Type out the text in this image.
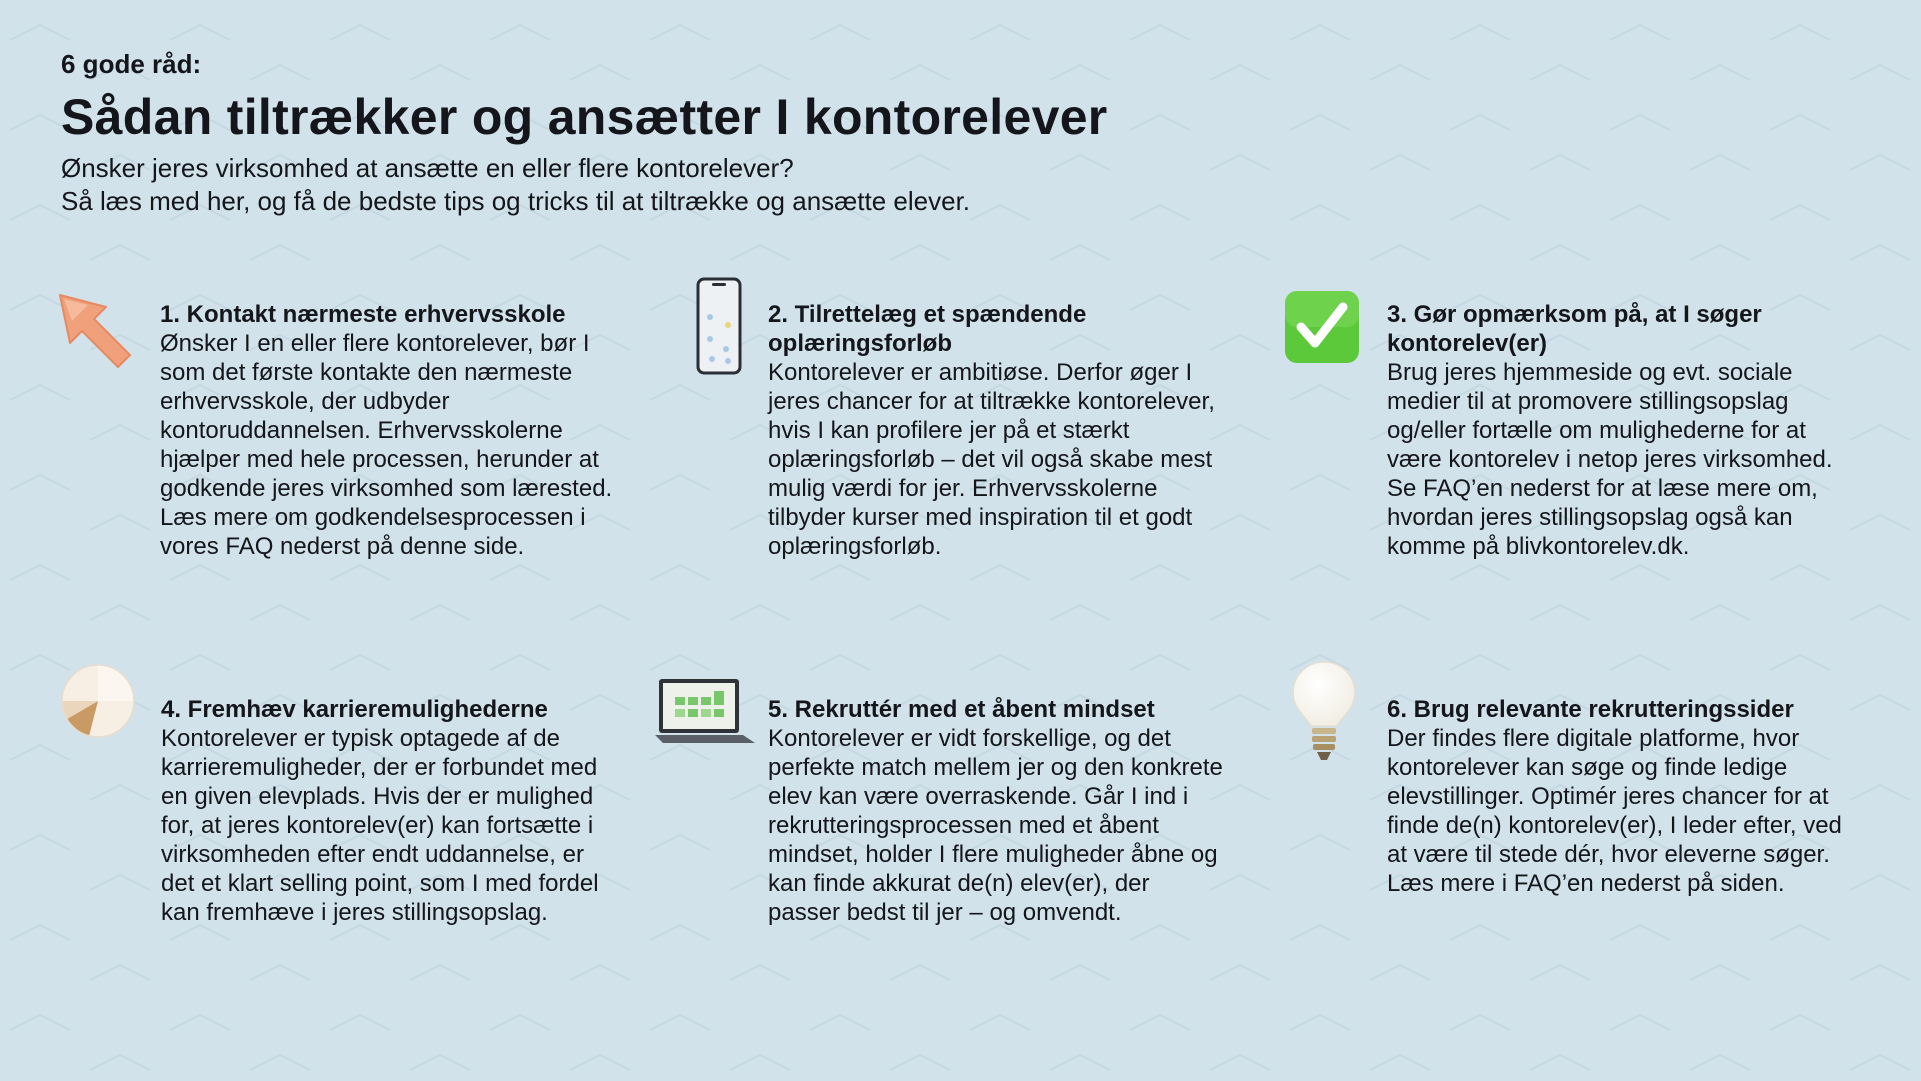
6 gode råd:

Sådan tiltrækker og ansætter I kontorelever

Ønsker jeres virksomhed at ansætte en eller flere kontorelever?

Så læs med her, og få de bedste tips og tricks til at tiltrække og ansætte elever.

1. Kontakt nærmeste erhvervsskole

Ønsker I en eller flere kontorelever, bør I som det første kontakte den nærmeste erhvervsskole, der udbyder kontoruddannelsen. Erhvervsskolerne hjælper med hele processen, herunder at godkende jeres virksomhed som lærested. Læs mere om godkendelsesprocessen i vores FAQ nederst på denne side.

2. Tilrettelæg et spændende oplæringsforløb

Kontorelever er ambitiøse. Derfor øger I jeres chancer for at tiltrække kontorelever, hvis I kan profilere jer på et stærkt oplæringsforløb – det vil også skabe mest mulig værdi for jer. Erhvervsskolerne tilbyder kurser med inspiration til et godt oplæringsforløb.

3. Gør opmærksom på, at I søger kontorelev(er)

Brug jeres hjemmeside og evt. sociale medier til at promovere stillingsopslag og/eller fortælle om mulighederne for at være kontorelev i netop jeres virksomhed. Se FAQ’en nederst for at læse mere om, hvordan jeres stillingsopslag også kan komme på blivkontorelev.dk.

4. Fremhæv karrieremulighederne

Kontorelever er typisk optagede af de karrieremuligheder, der er forbundet med en given elevplads. Hvis der er mulighed for, at jeres kontorelev(er) kan fortsætte i virksomheden efter endt uddannelse, er det et klart selling point, som I med fordel kan fremhæve i jeres stillingsopslag.

5. Rekruttér med et åbent mindset

Kontorelever er vidt forskellige, og det perfekte match mellem jer og den konkrete elev kan være overraskende. Går I ind i rekrutteringsprocessen med et åbent mindset, holder I flere muligheder åbne og kan finde akkurat de(n) elev(er), der passer bedst til jer – og omvendt.

6. Brug relevante rekrutteringssider

Der findes flere digitale platforme, hvor kontorelever kan søge og finde ledige elevstillinger. Optimér jeres chancer for at finde de(n) kontorelev(er), I leder efter, ved at være til stede dér, hvor eleverne søger. Læs mere i FAQ’en nederst på siden.
